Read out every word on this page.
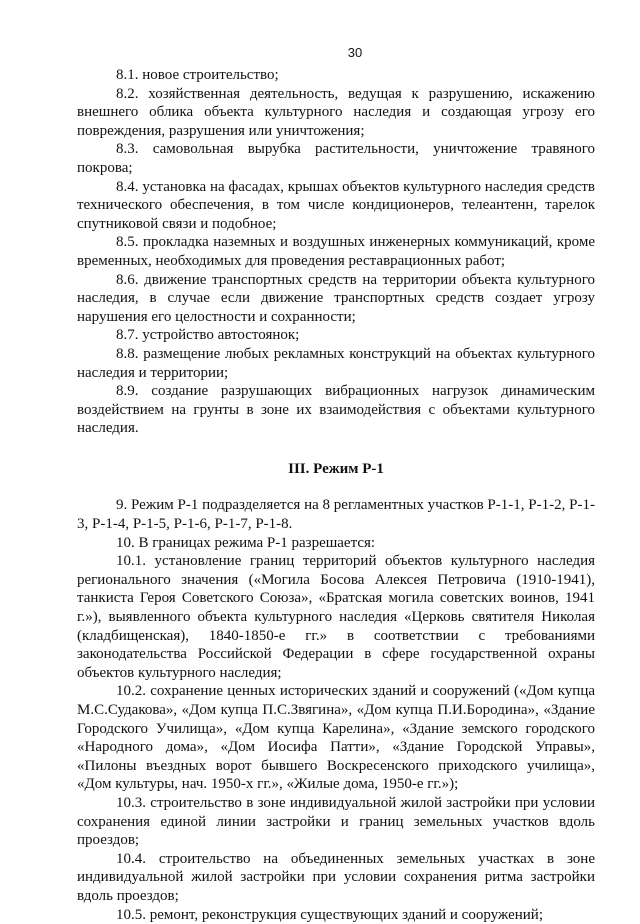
30

8.1. новое строительство;

8.2. хозяйственная деятельность, ведущая к разрушению, искажению внешнего облика объекта культурного наследия и создающая угрозу его повреждения, разрушения или уничтожения;

8.3. самовольная вырубка растительности, уничтожение травяного покрова;

8.4. установка на фасадах, крышах объектов культурного наследия средств технического обеспечения, в том числе кондиционеров, телеантенн, тарелок спутниковой связи и подобное;

8.5. прокладка наземных и воздушных инженерных коммуникаций, кроме временных, необходимых для проведения реставрационных работ;

8.6. движение транспортных средств на территории объекта культурного наследия, в случае если движение транспортных средств создает угрозу нарушения его целостности и сохранности;

8.7. устройство автостоянок;

8.8. размещение любых рекламных конструкций на объектах культурного наследия и территории;

8.9. создание разрушающих вибрационных нагрузок динамическим воздействием на грунты в зоне их взаимодействия с объектами культурного наследия.

III. Режим Р-1

9. Режим Р-1 подразделяется на 8 регламентных участков Р-1-1, Р-1-2, Р-1-3, Р-1-4, Р-1-5, Р-1-6, Р-1-7, Р-1-8.

10. В границах режима Р-1 разрешается:

10.1. установление границ территорий объектов культурного наследия регионального значения («Могила Босова Алексея Петровича (1910-1941), танкиста Героя Советского Союза», «Братская могила советских воинов, 1941 г.»), выявленного объекта культурного наследия «Церковь святителя Николая (кладбищенская), 1840-1850-е гг.» в соответствии с требованиями законодательства Российской Федерации в сфере государственной охраны объектов культурного наследия;

10.2. сохранение ценных исторических зданий и сооружений («Дом купца М.С.Судакова», «Дом купца П.С.Звягина», «Дом купца П.И.Бородина», «Здание Городского Училища», «Дом купца Карелина», «Здание земского городского «Народного дома», «Дом Иосифа Патти», «Здание Городской Управы», «Пилоны въездных ворот бывшего Воскресенского приходского училища», «Дом культуры, нач. 1950-х гг.», «Жилые дома, 1950-е гг.»);

10.3. строительство в зоне индивидуальной жилой застройки при условии сохранения единой линии застройки и границ земельных участков вдоль проездов;

10.4. строительство на объединенных земельных участках в зоне индивидуальной жилой застройки при условии сохранения ритма застройки вдоль проездов;

10.5. ремонт, реконструкция существующих зданий и сооружений;
